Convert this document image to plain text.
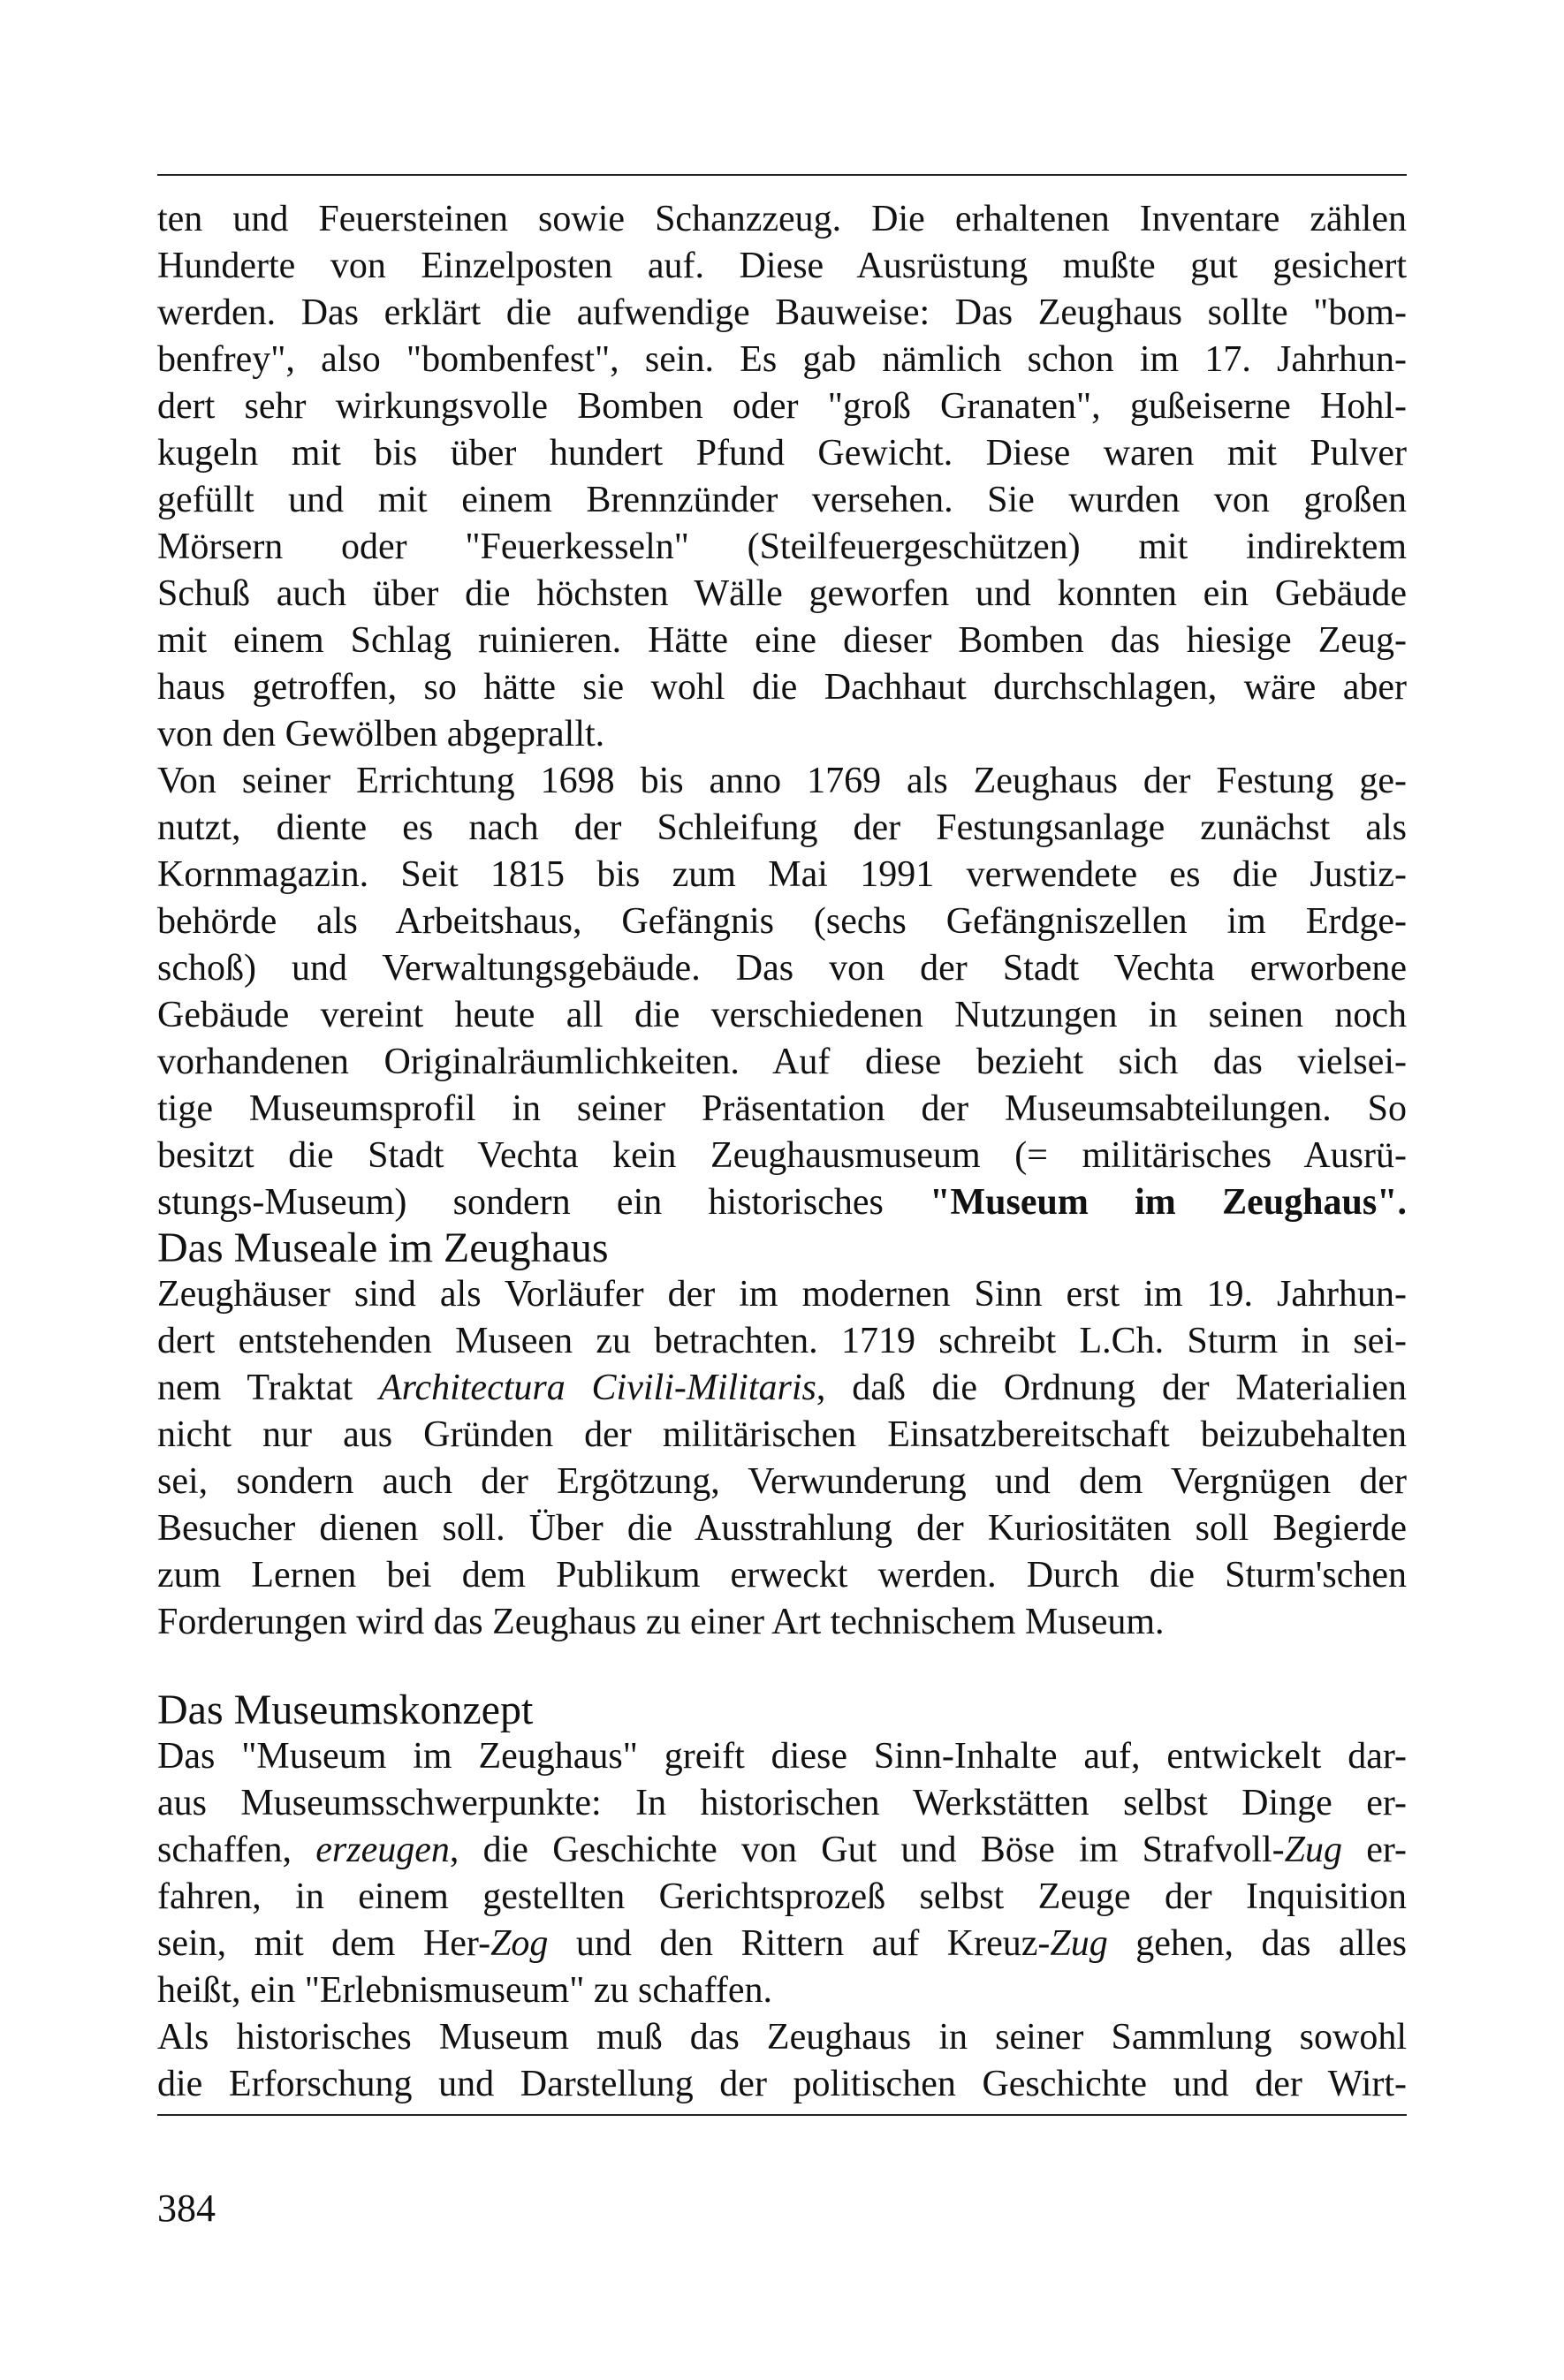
ten und Feuersteinen sowie Schanzzeug. Die erhaltenen Inventare zählen
Hunderte von Einzelposten auf. Diese Ausrüstung mußte gut gesichert
werden. Das erklärt die aufwendige Bauweise: Das Zeughaus sollte "bom-
benfrey", also "bombenfest", sein. Es gab nämlich schon im 17. Jahrhun-
dert sehr wirkungsvolle Bomben oder "groß Granaten", gußeiserne Hohl-
kugeln mit bis über hundert Pfund Gewicht. Diese waren mit Pulver
gefüllt und mit einem Brennzünder versehen. Sie wurden von großen
Mörsern oder "Feuerkesseln" (Steilfeuergeschützen) mit indirektem
Schuß auch über die höchsten Wälle geworfen und konnten ein Gebäude
mit einem Schlag ruinieren. Hätte eine dieser Bomben das hiesige Zeug-
haus getroffen, so hätte sie wohl die Dachhaut durchschlagen, wäre aber
von den Gewölben abgeprallt.

Von seiner Errichtung 1698 bis anno 1769 als Zeughaus der Festung ge-
nutzt, diente es nach der Schleifung der Festungsanlage zunächst als
Kornmagazin. Seit 1815 bis zum Mai 1991 verwendete es die Justiz-
behörde als Arbeitshaus, Gefängnis (sechs Gefängniszellen im Erdge-
schoß) und Verwaltungsgebäude. Das von der Stadt Vechta erworbene
Gebäude vereint heute all die verschiedenen Nutzungen in seinen noch
vorhandenen Originalräumlichkeiten. Auf diese bezieht sich das vielsei-
tige Museumsprofil in seiner Präsentation der Museumsabteilungen. So
besitzt die Stadt Vechta kein Zeughausmuseum (= militärisches Ausrü-
stungs-Museum) sondern ein historisches "Museum im Zeughaus".

Das Museale im Zeughaus

Zeughäuser sind als Vorläufer der im modernen Sinn erst im 19. Jahrhun-
dert entstehenden Museen zu betrachten. 1719 schreibt L.Ch. Sturm in sei-
nem Traktat Architectura Civili-Militaris, daß die Ordnung der Materialien
nicht nur aus Gründen der militärischen Einsatzbereitschaft beizubehalten
sei, sondern auch der Ergötzung, Verwunderung und dem Vergnügen der
Besucher dienen soll. Über die Ausstrahlung der Kuriositäten soll Begierde
zum Lernen bei dem Publikum erweckt werden. Durch die Sturm'schen
Forderungen wird das Zeughaus zu einer Art technischem Museum.

Das Museumskonzept

Das "Museum im Zeughaus" greift diese Sinn-Inhalte auf, entwickelt dar-
aus Museumsschwerpunkte: In historischen Werkstätten selbst Dinge er-
schaffen, erzeugen, die Geschichte von Gut und Böse im Strafvoll-Zug er-
fahren, in einem gestellten Gerichtsprozeß selbst Zeuge der Inquisition
sein, mit dem Her-Zog und den Rittern auf Kreuz-Zug gehen, das alles
heißt, ein "Erlebnismuseum" zu schaffen.

Als historisches Museum muß das Zeughaus in seiner Sammlung sowohl
die Erforschung und Darstellung der politischen Geschichte und der Wirt-

384
